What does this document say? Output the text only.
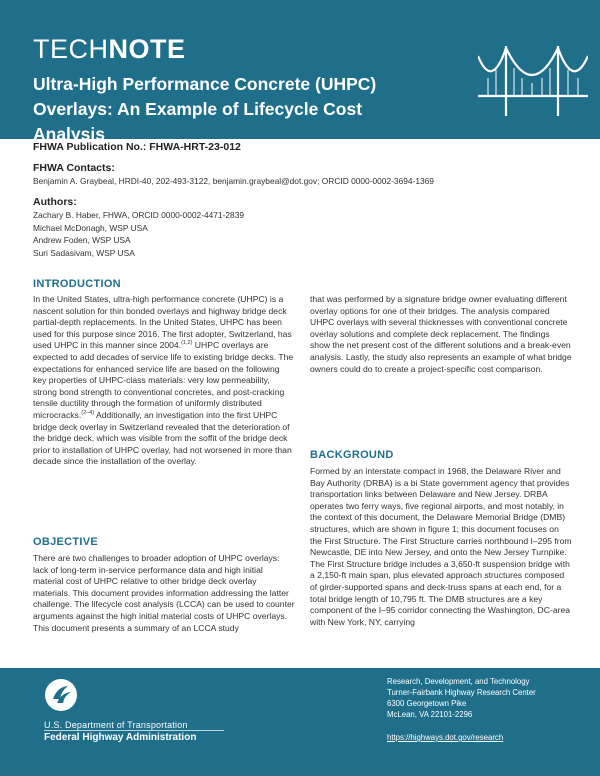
TECHNOTE
Ultra-High Performance Concrete (UHPC)
Overlays: An Example of Lifecycle Cost Analysis
FHWA Publication No.: FHWA-HRT-23-012
FHWA Contacts:
Benjamin A. Graybeal, HRDI-40, 202-493-3122, benjamin.graybeal@dot.gov; ORCID 0000-0002-3694-1369
Authors:
Zachary B. Haber, FHWA, ORCID 0000-0002-4471-2839
Michael McDonagh, WSP USA
Andrew Foden, WSP USA
Suri Sadasivam, WSP USA
INTRODUCTION
In the United States, ultra-high performance concrete (UHPC) is a nascent solution for thin bonded overlays and highway bridge deck partial-depth replacements. In the United States, UHPC has been used for this purpose since 2016. The first adopter, Switzerland, has used UHPC in this manner since 2004.$^{(1,2)}$ UHPC overlays are expected to add decades of service life to existing bridge decks. The expectations for enhanced service life are based on the following key properties of UHPC-class materials: very low permeability, strong bond strength to conventional concretes, and post-cracking tensile ductility through the formation of uniformly distributed microcracks.$^{(2-4)}$ Additionally, an investigation into the first UHPC bridge deck overlay in Switzerland revealed that the deterioration of the bridge deck, which was visible from the soffit of the bridge deck prior to installation of UHPC overlay, had not worsened in more than decade since the installation of the overlay.
OBJECTIVE
There are two challenges to broader adoption of UHPC overlays: lack of long-term in-service performance data and high initial material cost of UHPC relative to other bridge deck overlay materials. This document provides information addressing the latter challenge. The lifecycle cost analysis (LCCA) can be used to counter arguments against the high initial material costs of UHPC overlays. This document presents a summary of an LCCA study
that was performed by a signature bridge owner evaluating different overlay options for one of their bridges. The analysis compared UHPC overlays with several thicknesses with conventional concrete overlay solutions and complete deck replacement. The findings show the net present cost of the different solutions and a break-even analysis. Lastly, the study also represents an example of what bridge owners could do to create a project-specific cost comparison.
BACKGROUND
Formed by an interstate compact in 1968, the Delaware River and Bay Authority (DRBA) is a bi State government agency that provides transportation links between Delaware and New Jersey. DRBA operates two ferry ways, five regional airports, and most notably, in the context of this document, the Delaware Memorial Bridge (DMB) structures, which are shown in figure 1; this document focuses on the First Structure. The First Structure carries northbound I–295 from Newcastle, DE into New Jersey, and onto the New Jersey Turnpike. The First Structure bridge includes a 3,650-ft suspension bridge with a 2,150-ft main span, plus elevated approach structures composed of girder-supported spans and deck-truss spans at each end, for a total bridge length of 10,795 ft. The DMB structures are a key component of the I–95 corridor connecting the Washington, DC-area with New York, NY, carrying
U.S. Department of Transportation
Federal Highway Administration
Research, Development, and Technology
Turner-Fairbank Highway Research Center
6300 Georgetown Pike
McLean, VA 22101-2296
https://highways.dot.gov/research
